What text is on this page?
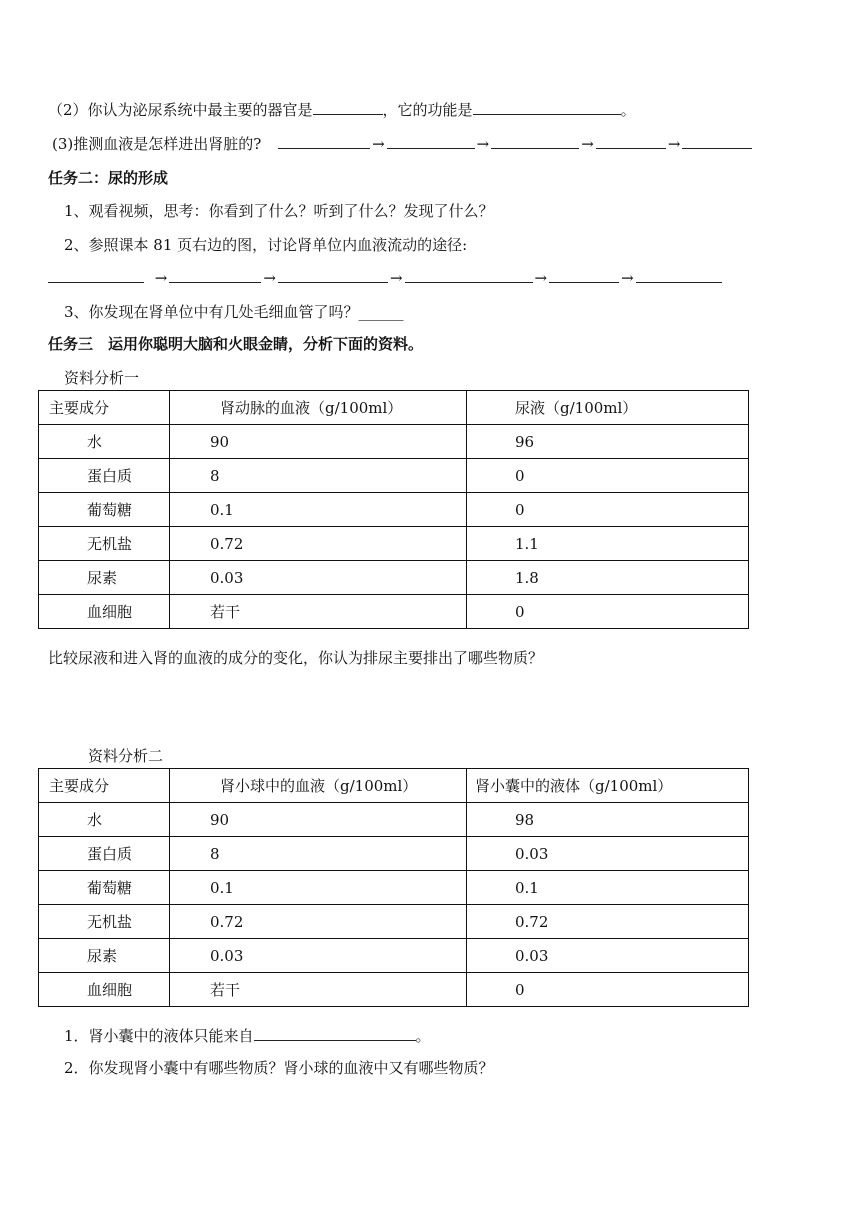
（2）你认为泌尿系统中最主要的器官是	，它的功能是	。
(3)推测血液是怎样进出肾脏的?	→	→	→	→
任务二：尿的形成
1、观看视频，思考：你看到了什么？听到了什么？发现了什么？
2、参照课本 81 页右边的图，讨论肾单位内血液流动的途径:
→	→	→	→	→
3、你发现在肾单位中有几处毛细血管了吗？______
任务三　运用你聪明大脑和火眼金睛，分析下面的资料。
资料分析一
主要成分	肾动脉的血液（g/100ml）	尿液（g/100ml）
水	90	96
蛋白质	8	0
葡萄糖	0.1	0
无机盐	0.72	1.1
尿素	0.03	1.8
血细胞	若干	0
比较尿液和进入肾的血液的成分的变化，你认为排尿主要排出了哪些物质？
资料分析二
主要成分	肾小球中的血液（g/100ml）	肾小囊中的液体（g/100ml）
水	90	98
蛋白质	8	0.03
葡萄糖	0.1	0.1
无机盐	0.72	0.72
尿素	0.03	0.03
血细胞	若干	0
1．肾小囊中的液体只能来自	。
2．你发现肾小囊中有哪些物质？肾小球的血液中又有哪些物质？
